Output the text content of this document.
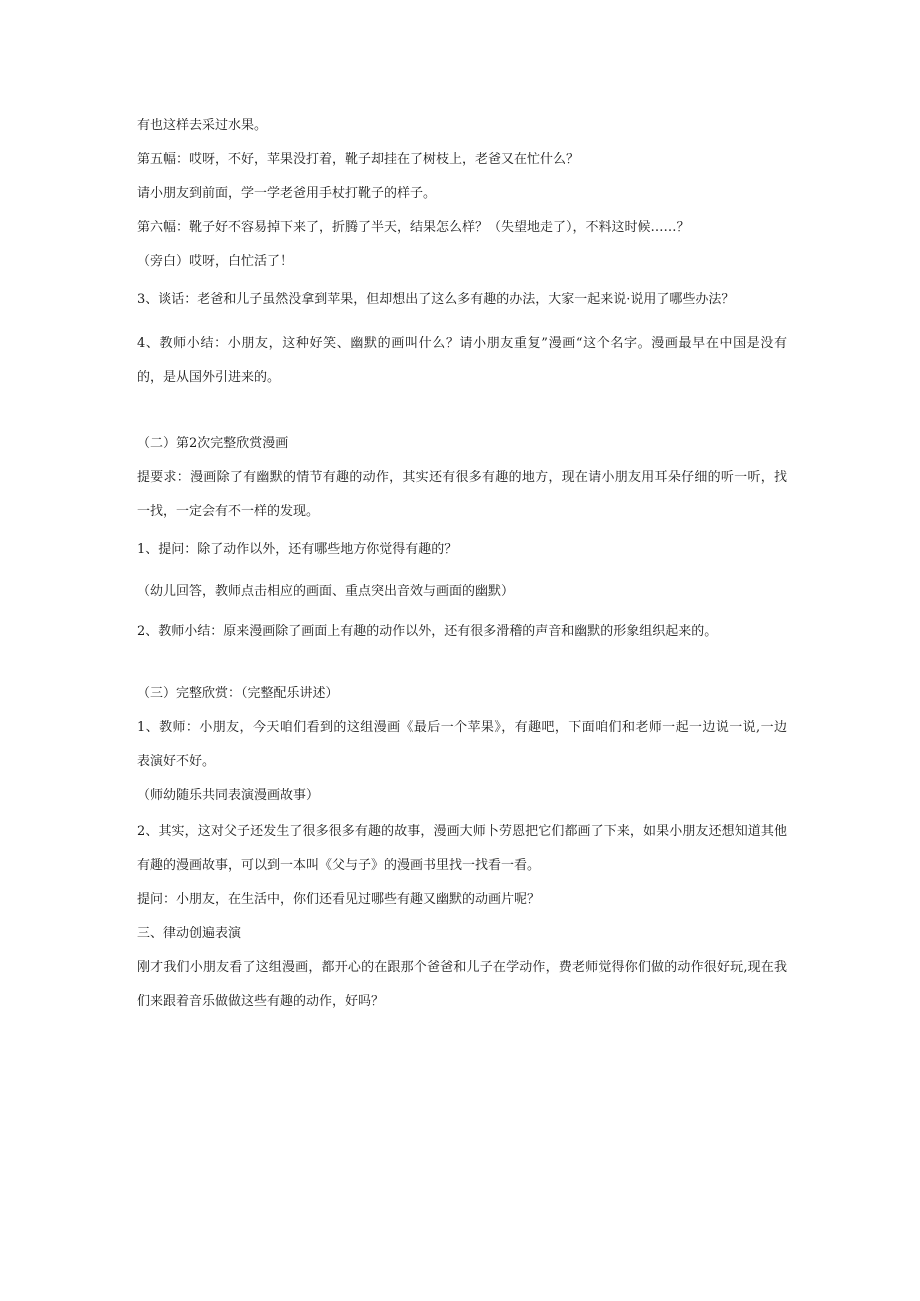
有也这样去采过水果。
第五幅：哎呀，不好，苹果没打着，靴子却挂在了树枝上，老爸又在忙什么？
请小朋友到前面，学一学老爸用手杖打靴子的样子。
第六幅：靴子好不容易掉下来了，折腾了半天，结果怎么样？（失望地走了），不料这时候……？
（旁白）哎呀，白忙活了！
3、谈话：老爸和儿子虽然没拿到苹果，但却想出了这么多有趣的办法，大家一起来说·说用了哪些办法？
4、教师小结：小朋友，这种好笑、幽默的画叫什么？请小朋友重复”漫画“这个名字。漫画最早在中国是没有
的，是从国外引进来的。
（二）第2次完整欣赏漫画
提要求：漫画除了有幽默的情节有趣的动作，其实还有很多有趣的地方，现在请小朋友用耳朵仔细的听一听，找
一找，一定会有不一样的发现。
1、提问：除了动作以外，还有哪些地方你觉得有趣的？
（幼儿回答，教师点击相应的画面、重点突出音效与画面的幽默）
2、教师小结：原来漫画除了画面上有趣的动作以外，还有很多滑稽的声音和幽默的形象组织起来的。
（三）完整欣赏：（完整配乐讲述）
1、教师：小朋友，今天咱们看到的这组漫画《最后一个苹果》，有趣吧，下面咱们和老师一起一边说一说,一边
表演好不好。
（师幼随乐共同表演漫画故事）
2、其实，这对父子还发生了很多很多有趣的故事，漫画大师卜劳恩把它们都画了下来，如果小朋友还想知道其他
有趣的漫画故事，可以到一本叫《父与子》的漫画书里找一找看一看。
提问：小朋友，在生活中，你们还看见过哪些有趣又幽默的动画片呢？
三、律动创遍表演
刚才我们小朋友看了这组漫画，都开心的在跟那个爸爸和儿子在学动作，费老师觉得你们做的动作很好玩,现在我
们来跟着音乐做做这些有趣的动作，好吗？
